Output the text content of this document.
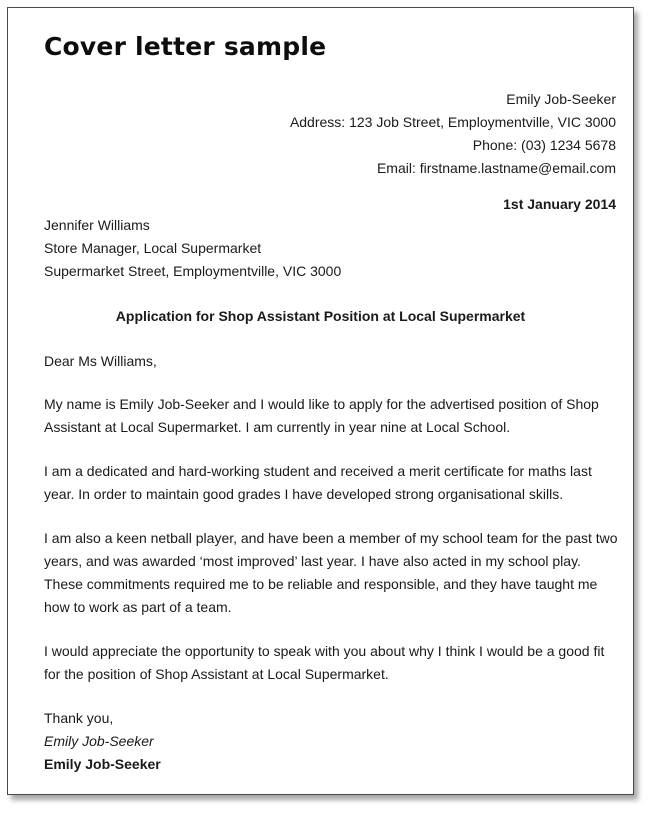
Cover letter sample
Emily Job-Seeker
Address: 123 Job Street, Employmentville, VIC 3000
Phone: (03) 1234 5678
Email: firstname.lastname@email.com
1st January 2014
Jennifer Williams
Store Manager, Local Supermarket
Supermarket Street, Employmentville, VIC 3000
Application for Shop Assistant Position at Local Supermarket

Dear Ms Williams,

My name is Emily Job-Seeker and I would like to apply for the advertised position of Shop Assistant at Local Supermarket. I am currently in year nine at Local School.

I am a dedicated and hard-working student and received a merit certificate for maths last year. In order to maintain good grades I have developed strong organisational skills.

I am also a keen netball player, and have been a member of my school team for the past two years, and was awarded ‘most improved’ last year. I have also acted in my school play. These commitments required me to be reliable and responsible, and they have taught me how to work as part of a team.

I would appreciate the opportunity to speak with you about why I think I would be a good fit for the position of Shop Assistant at Local Supermarket.

Thank you,
Emily Job-Seeker
Emily Job-Seeker
